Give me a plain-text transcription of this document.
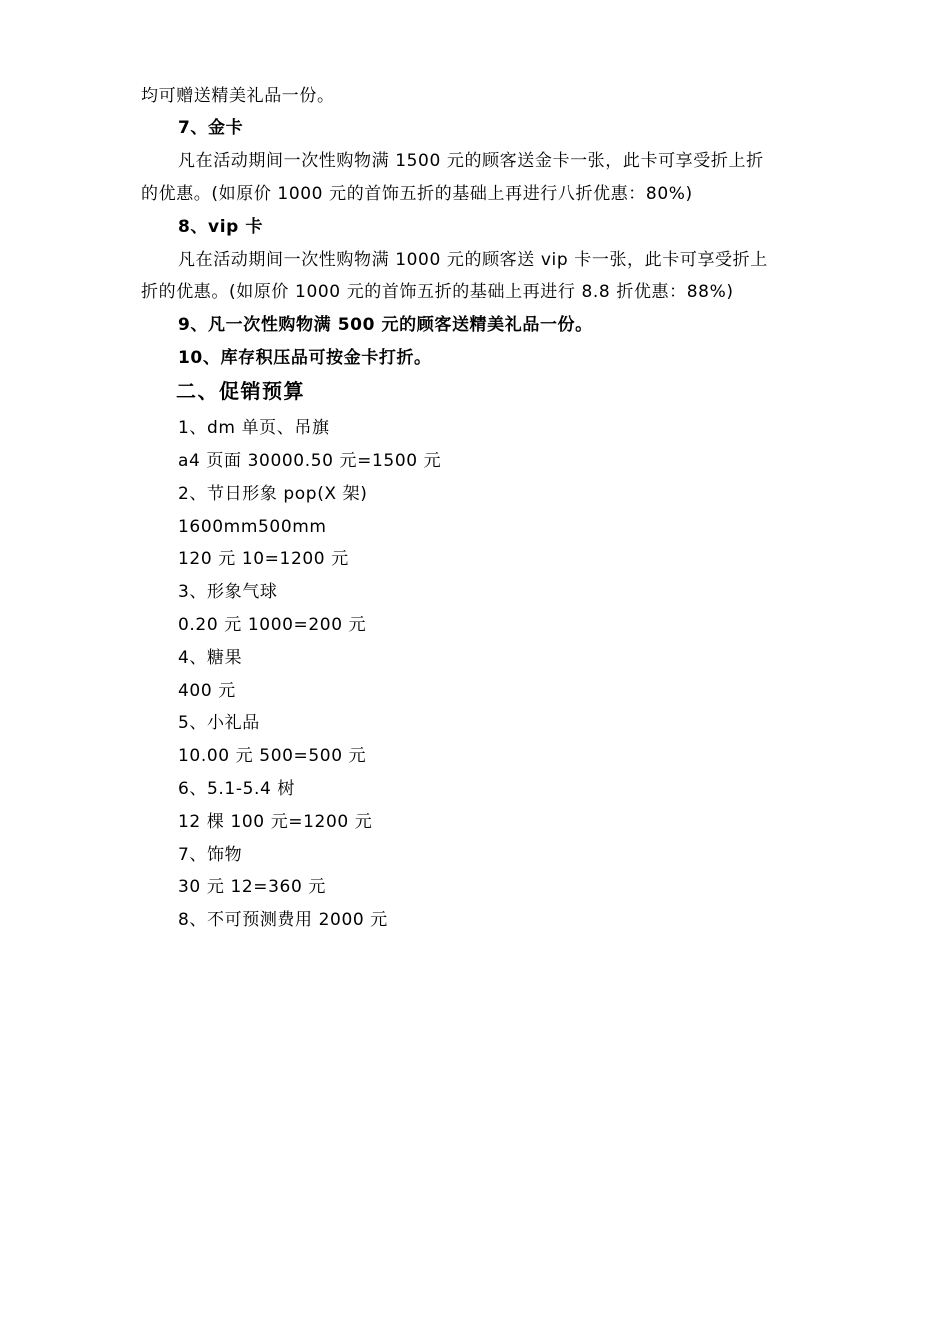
均可赠送精美礼品一份。
7、金卡
凡在活动期间一次性购物满 1500 元的顾客送金卡一张，此卡可享受折上折
的优惠。(如原价 1000 元的首饰五折的基础上再进行八折优惠：80%)
8、vip 卡
凡在活动期间一次性购物满 1000 元的顾客送 vip 卡一张，此卡可享受折上
折的优惠。(如原价 1000 元的首饰五折的基础上再进行 8.8 折优惠：88%)
9、凡一次性购物满 500 元的顾客送精美礼品一份。
10、库存积压品可按金卡打折。
二、促销预算
1、dm 单页、吊旗
a4 页面 30000.50 元=1500 元
2、节日形象 pop(X 架)
1600mm500mm
120 元 10=1200 元
3、形象气球
0.20 元 1000=200 元
4、糖果
400 元
5、小礼品
10.00 元 500=500 元
6、5.1-5.4 树
12 棵 100 元=1200 元
7、饰物
30 元 12=360 元
8、不可预测费用 2000 元
